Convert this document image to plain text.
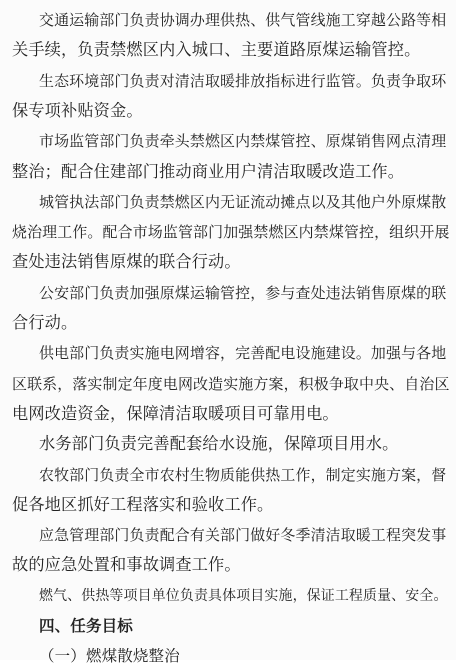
交通运输部门负责协调办理供热、供气管线施工穿越公路等相
关手续，负责禁燃区内入城口、主要道路原煤运输管控。
生态环境部门负责对清洁取暖排放指标进行监管。负责争取环
保专项补贴资金。
市场监管部门负责牵头禁燃区内禁煤管控、原煤销售网点清理
整治；配合住建部门推动商业用户清洁取暖改造工作。
城管执法部门负责禁燃区内无证流动摊点以及其他户外原煤散
烧治理工作。配合市场监管部门加强禁燃区内禁煤管控，组织开展
查处违法销售原煤的联合行动。
公安部门负责加强原煤运输管控，参与查处违法销售原煤的联
合行动。
供电部门负责实施电网增容，完善配电设施建设。加强与各地
区联系，落实制定年度电网改造实施方案，积极争取中央、自治区
电网改造资金，保障清洁取暖项目可靠用电。
水务部门负责完善配套给水设施，保障项目用水。
农牧部门负责全市农村生物质能供热工作，制定实施方案，督
促各地区抓好工程落实和验收工作。
应急管理部门负责配合有关部门做好冬季清洁取暖工程突发事
故的应急处置和事故调查工作。
燃气、供热等项目单位负责具体项目实施，保证工程质量、安全。
四、任务目标
（一）燃煤散烧整治
